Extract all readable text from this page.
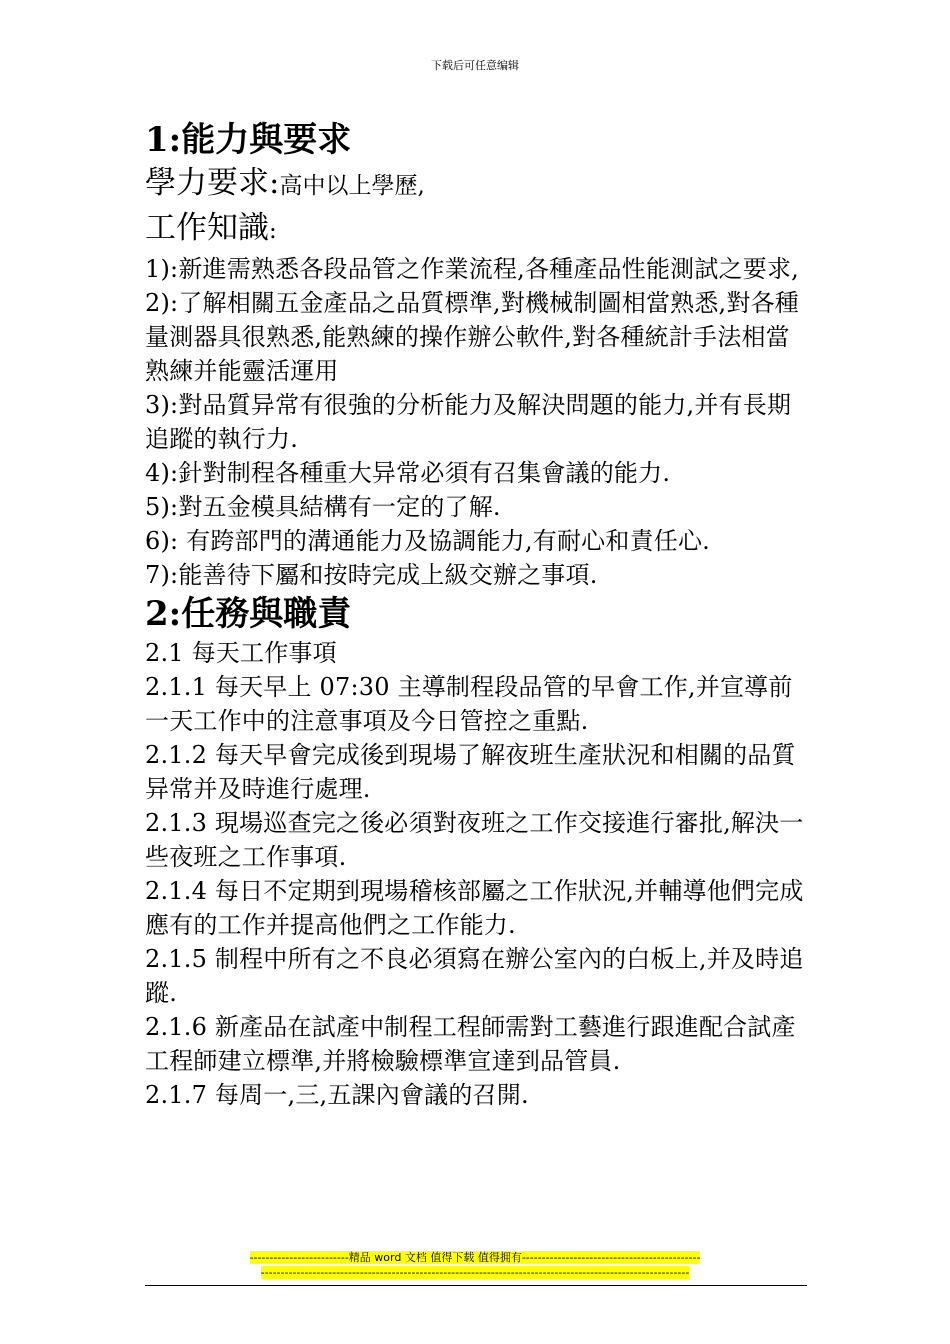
下载后可任意编辑
1:能力與要求

學力要求:高中以上學歷,

工作知識:

1):新進需熟悉各段品管之作業流程,各種產品性能測試之要求,

2):了解相關五金產品之品質標準,對機械制圖相當熟悉,對各種量測器具很熟悉,能熟練的操作辦公軟件,對各種統計手法相當熟練并能靈活運用

3):對品質异常有很強的分析能力及解決問題的能力,并有長期追蹤的執行力.

4):針對制程各種重大异常必須有召集會議的能力.

5):對五金模具結構有一定的了解.

6): 有跨部門的溝通能力及協調能力,有耐心和責任心.

7):能善待下屬和按時完成上級交辦之事項.

2:任務與職責

2.1 每天工作事項

2.1.1 每天早上 07:30 主導制程段品管的早會工作,并宣導前一天工作中的注意事項及今日管控之重點.

2.1.2 每天早會完成後到現場了解夜班生產狀況和相關的品質异常并及時進行處理.

2.1.3 現場巡查完之後必須對夜班之工作交接進行審批,解決一些夜班之工作事項.

2.1.4 每日不定期到現場稽核部屬之工作狀況,并輔導他們完成應有的工作并提高他們之工作能力.

2.1.5 制程中所有之不良必須寫在辦公室內的白板上,并及時追蹤.

2.1.6 新產品在試產中制程工程師需對工藝進行跟進配合試產工程師建立標準,并將檢驗標準宣達到品管員.

2.1.7 每周一,三,五課內會議的召開.

-------------------------精品 word 文档 值得下载 值得拥有---------------------------------------------
------------------------------------------------------------------------------------------------------------
